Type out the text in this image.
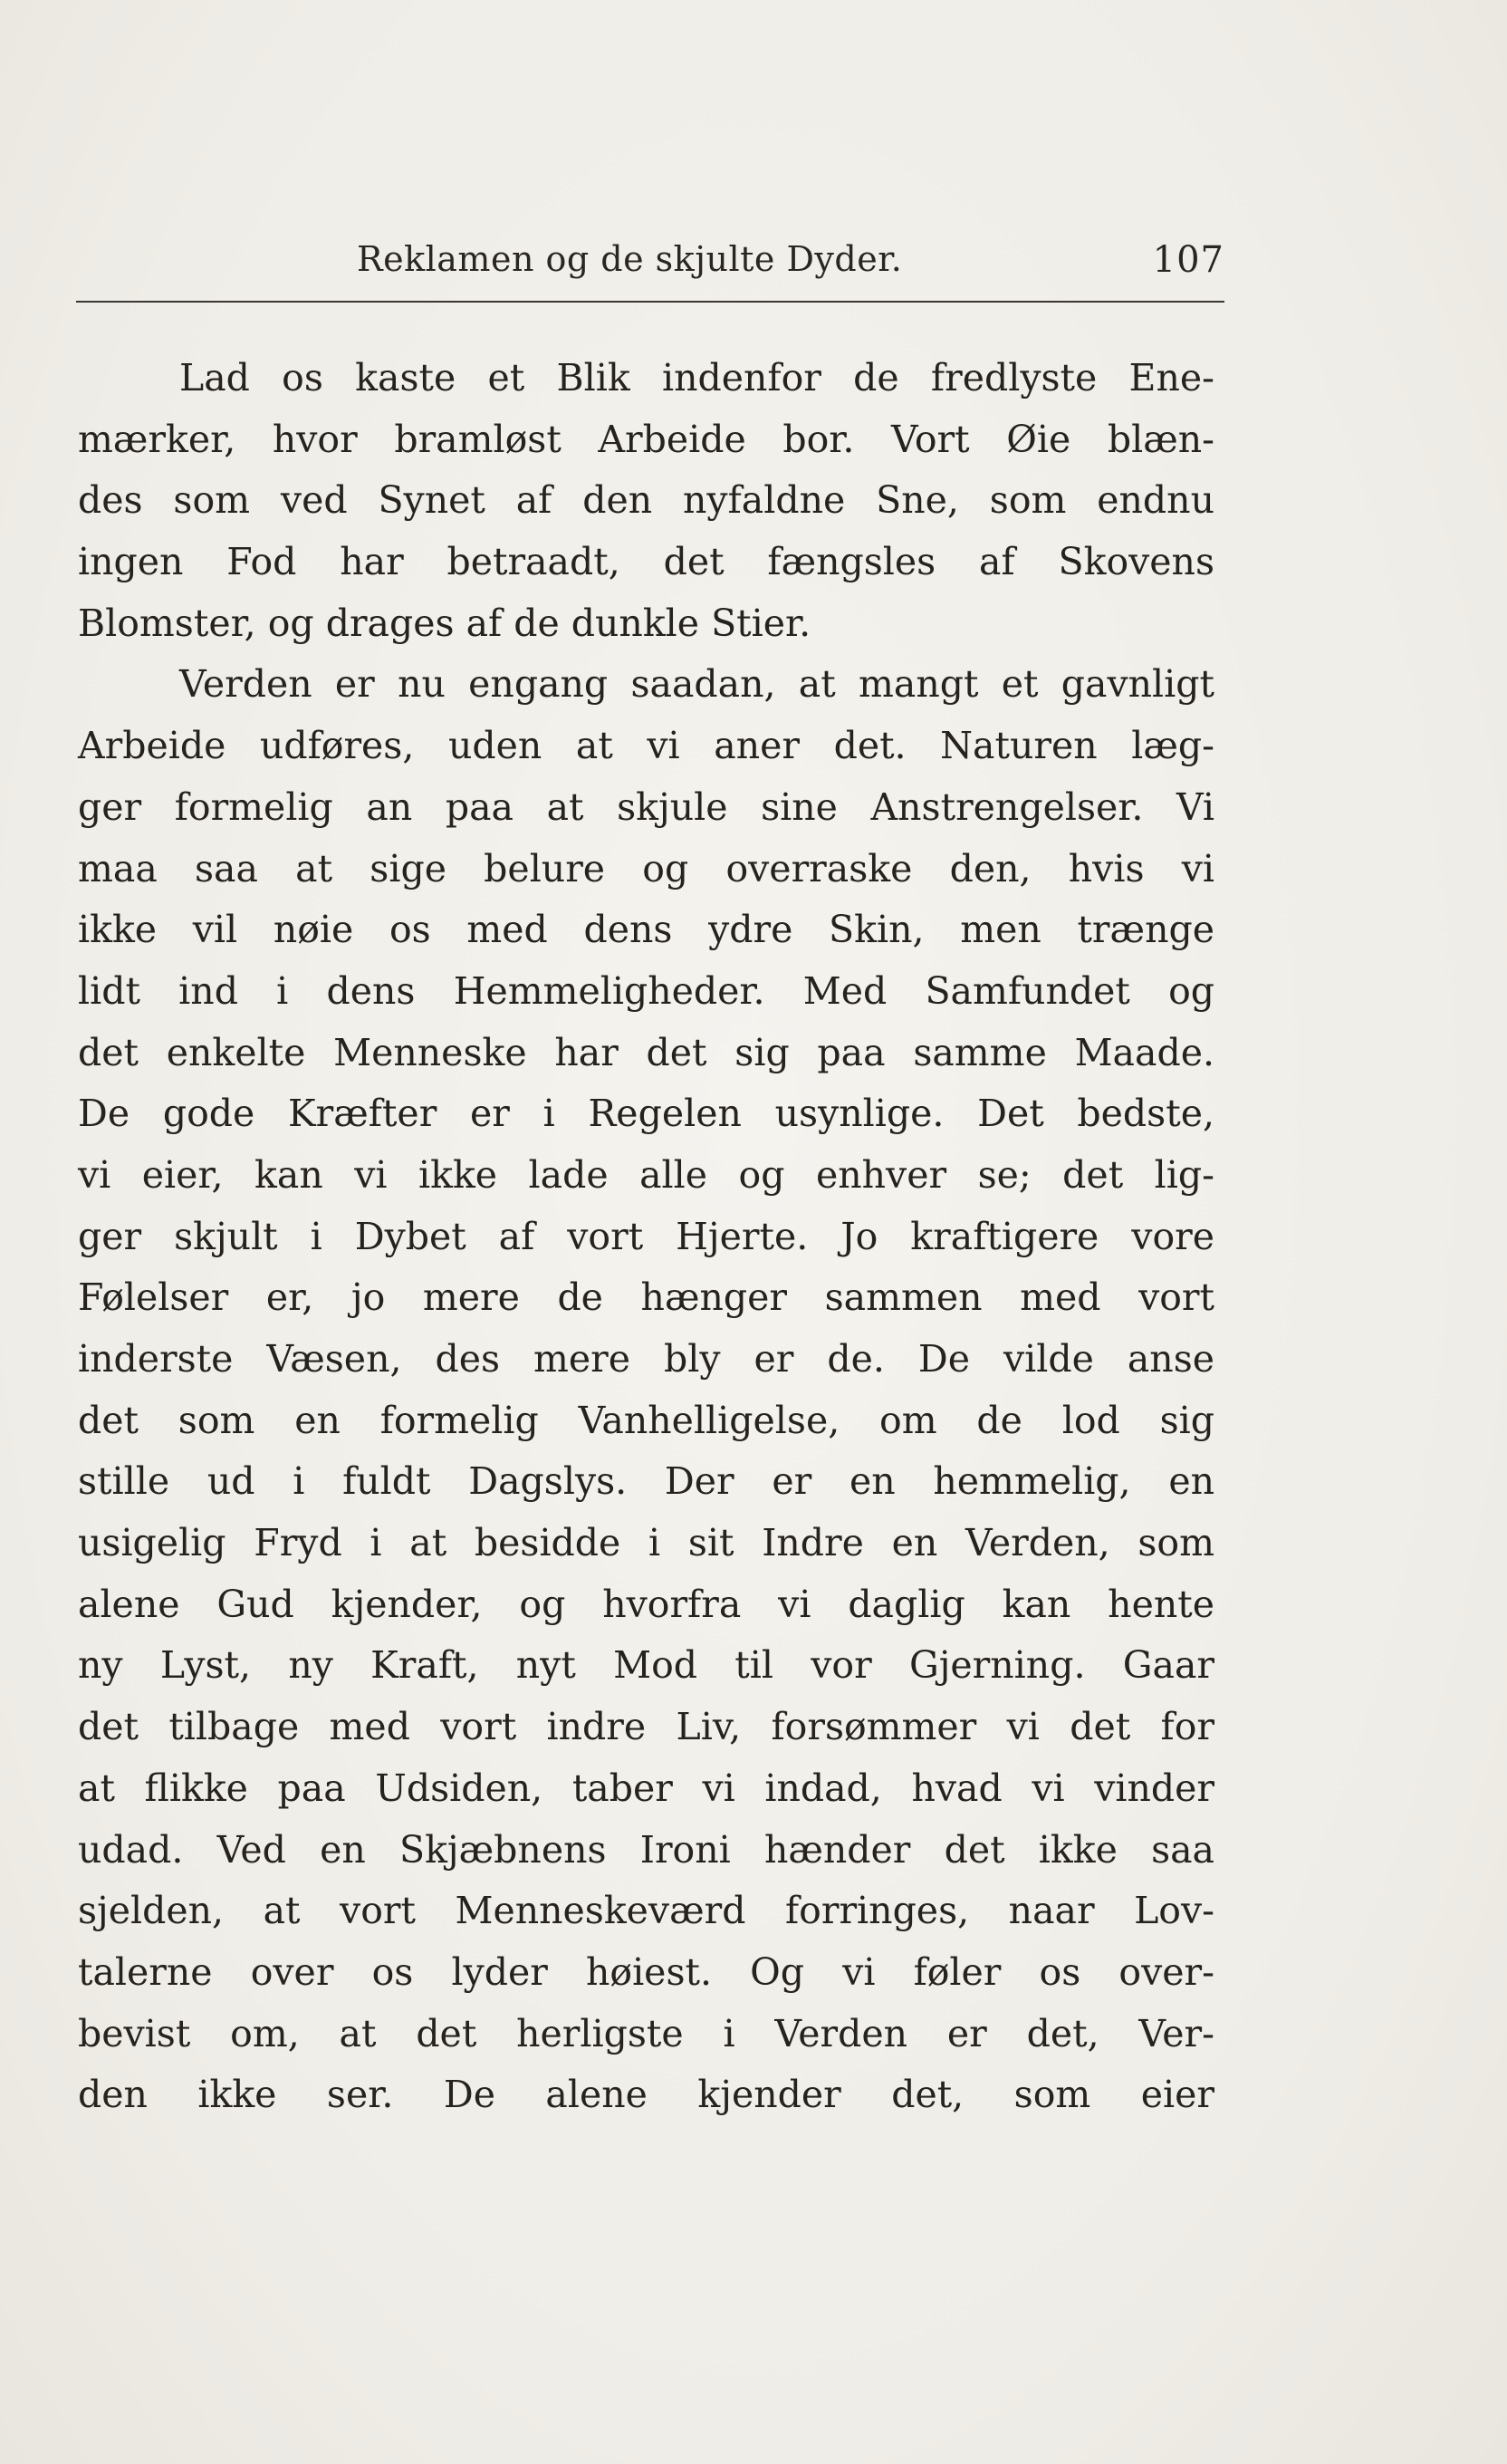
Reklamen og de skjulte Dyder.	107
Lad os kaste et Blik indenfor de fredlyste Ene-
mærker, hvor bramløst Arbeide bor. Vort Øie blæn-
des som ved Synet af den nyfaldne Sne, som endnu
ingen Fod har betraadt, det fængsles af Skovens
Blomster, og drages af de dunkle Stier.
Verden er nu engang saadan, at mangt et gavnligt
Arbeide udføres, uden at vi aner det. Naturen læg-
ger formelig an paa at skjule sine Anstrengelser. Vi
maa saa at sige belure og overraske den, hvis vi
ikke vil nøie os med dens ydre Skin, men trænge
lidt ind i dens Hemmeligheder. Med Samfundet og
det enkelte Menneske har det sig paa samme Maade.
De gode Kræfter er i Regelen usynlige. Det bedste,
vi eier, kan vi ikke lade alle og enhver se; det lig-
ger skjult i Dybet af vort Hjerte. Jo kraftigere vore
Følelser er, jo mere de hænger sammen med vort
inderste Væsen, des mere bly er de. De vilde anse
det som en formelig Vanhelligelse, om de lod sig
stille ud i fuldt Dagslys. Der er en hemmelig, en
usigelig Fryd i at besidde i sit Indre en Verden, som
alene Gud kjender, og hvorfra vi daglig kan hente
ny Lyst, ny Kraft, nyt Mod til vor Gjerning. Gaar
det tilbage med vort indre Liv, forsømmer vi det for
at flikke paa Udsiden, taber vi indad, hvad vi vinder
udad. Ved en Skjæbnens Ironi hænder det ikke saa
sjelden, at vort Menneskeværd forringes, naar Lov-
talerne over os lyder høiest. Og vi føler os over-
bevist om, at det herligste i Verden er det, Ver-
den ikke ser. De alene kjender det, som eier
